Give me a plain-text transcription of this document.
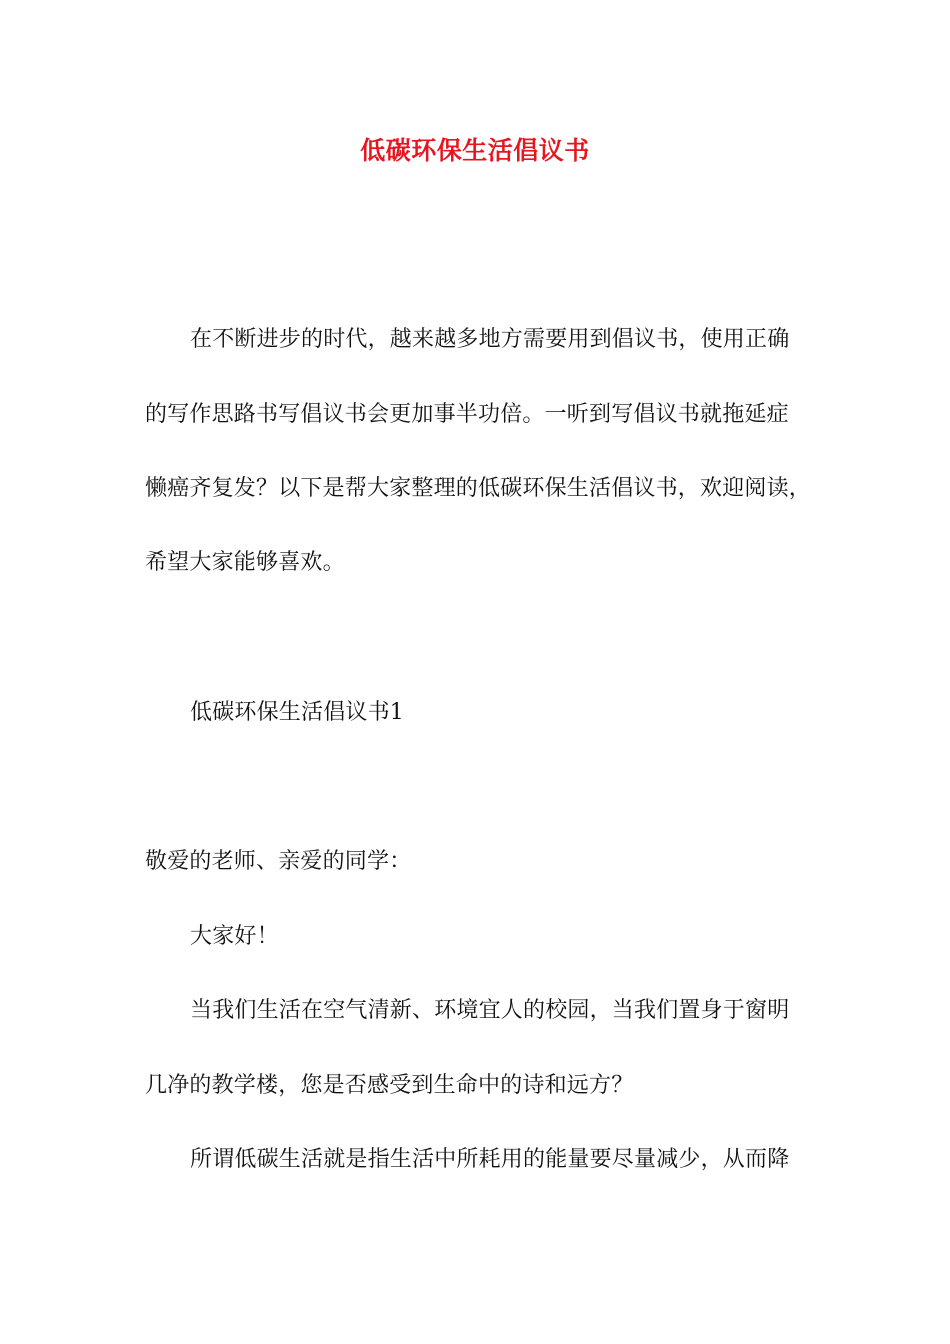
低碳环保生活倡议书
在不断进步的时代，越来越多地方需要用到倡议书，使用正确
的写作思路书写倡议书会更加事半功倍。一听到写倡议书就拖延症
懒癌齐复发？以下是帮大家整理的低碳环保生活倡议书，欢迎阅读，
希望大家能够喜欢。
低碳环保生活倡议书1
敬爱的老师、亲爱的同学：
大家好！
当我们生活在空气清新、环境宜人的校园，当我们置身于窗明
几净的教学楼，您是否感受到生命中的诗和远方？
所谓低碳生活就是指生活中所耗用的能量要尽量减少，从而降
